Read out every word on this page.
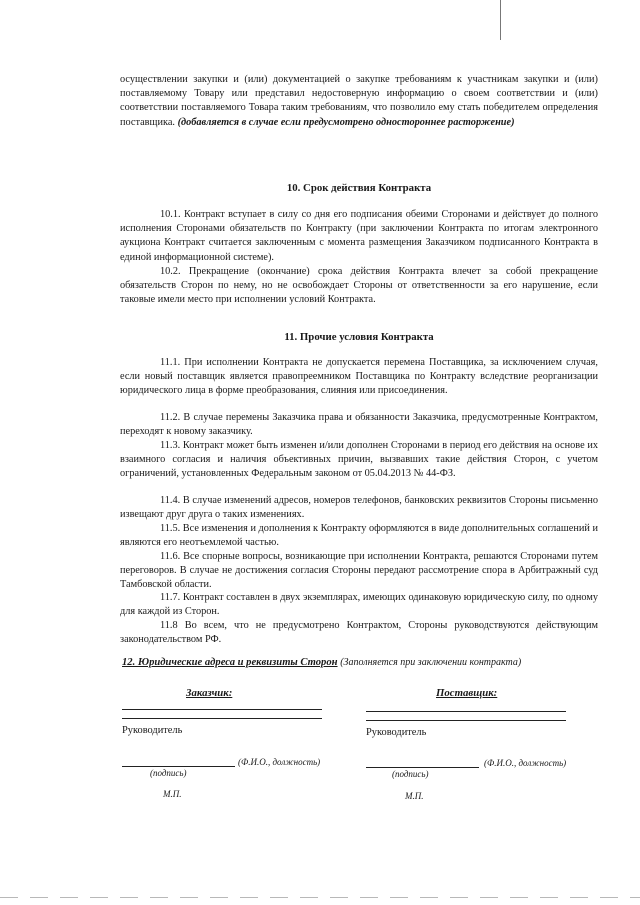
осуществлении закупки и (или) документацией о закупке требованиям к участникам закупки и (или) поставляемому Товару или представил недостоверную информацию о своем соответствии и (или) соответствии поставляемого Товара таким требованиям, что позволило ему стать победителем определения поставщика. (добавляется в случае если предусмотрено одностороннее расторжение)

10. Срок действия Контракта

10.1. Контракт вступает в силу со дня его подписания обеими Сторонами и действует до полного исполнения Сторонами обязательств по Контракту (при заключении Контракта по итогам электронного аукциона Контракт считается заключенным с момента размещения Заказчиком подписанного Контракта в единой информационной системе).

10.2. Прекращение (окончание) срока действия Контракта влечет за собой прекращение обязательств Сторон по нему, но не освобождает Стороны от ответственности за его нарушение, если таковые имели место при исполнении условий Контракта.

11. Прочие условия Контракта

11.1. При исполнении Контракта не допускается перемена Поставщика, за исключением случая, если новый поставщик является правопреемником Поставщика по Контракту вследствие реорганизации юридического лица в форме преобразования, слияния или присоединения.

11.2. В случае перемены Заказчика права и обязанности Заказчика, предусмотренные Контрактом, переходят к новому заказчику.

11.3. Контракт может быть изменен и/или дополнен Сторонами в период его действия на основе их взаимного согласия и наличия объективных причин, вызвавших такие действия Сторон, с учетом ограничений, установленных Федеральным законом от 05.04.2013 № 44-ФЗ.

11.4. В случае изменений адресов, номеров телефонов, банковских реквизитов Стороны письменно извещают друг друга о таких изменениях.

11.5. Все изменения и дополнения к Контракту оформляются в виде дополнительных соглашений и являются его неотъемлемой частью.

11.6. Все спорные вопросы, возникающие при исполнении Контракта, решаются Сторонами путем переговоров. В случае не достижения согласия Стороны передают рассмотрение спора в Арбитражный суд Тамбовской области.

11.7. Контракт составлен в двух экземплярах, имеющих одинаковую юридическую силу, по одному для каждой из Сторон.

11.8 Во всем, что не предусмотрено Контрактом, Стороны руководствуются действующим законодательством РФ.

12. Юридические адреса и реквизиты Сторон (Заполняется при заключении контракта)
Заказчик:
Руководитель
(Ф.И.О., должность)
(подпись)
М.П.
Поставщик:
Руководитель
(Ф.И.О., должность)
(подпись)
М.П.
